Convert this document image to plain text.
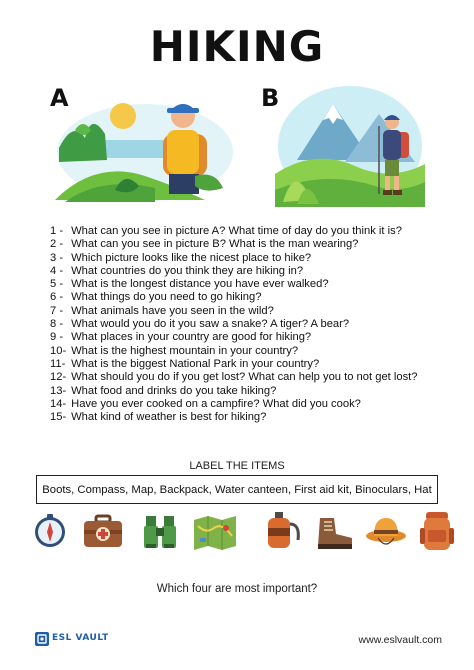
HIKING
A	B
1 - What can you see in picture A? What time of day do you think it is?
2 - What can you see in picture B? What is the man wearing?
3 - Which picture looks like the nicest place to hike?
4 - What countries do you think they are hiking in?
5 - What is the longest distance you have ever walked?
6 - What things do you need to go hiking?
7 - What animals have you seen in the wild?
8 - What would you do it you saw a snake? A tiger? A bear?
9 - What places in your country are good for hiking?
10- What is the highest mountain in your country?
11- What is the biggest National Park in your country?
12- What should you do if you get lost? What can help you to not get lost?
13- What food and drinks do you take hiking?
14- Have you ever cooked on a campfire? What did you cook?
15- What kind of weather is best for hiking?
LABEL THE ITEMS
Boots, Compass, Map, Backpack, Water canteen, First aid kit, Binoculars, Hat
Which four are most important?
ESL VAULT	www.eslvault.com
